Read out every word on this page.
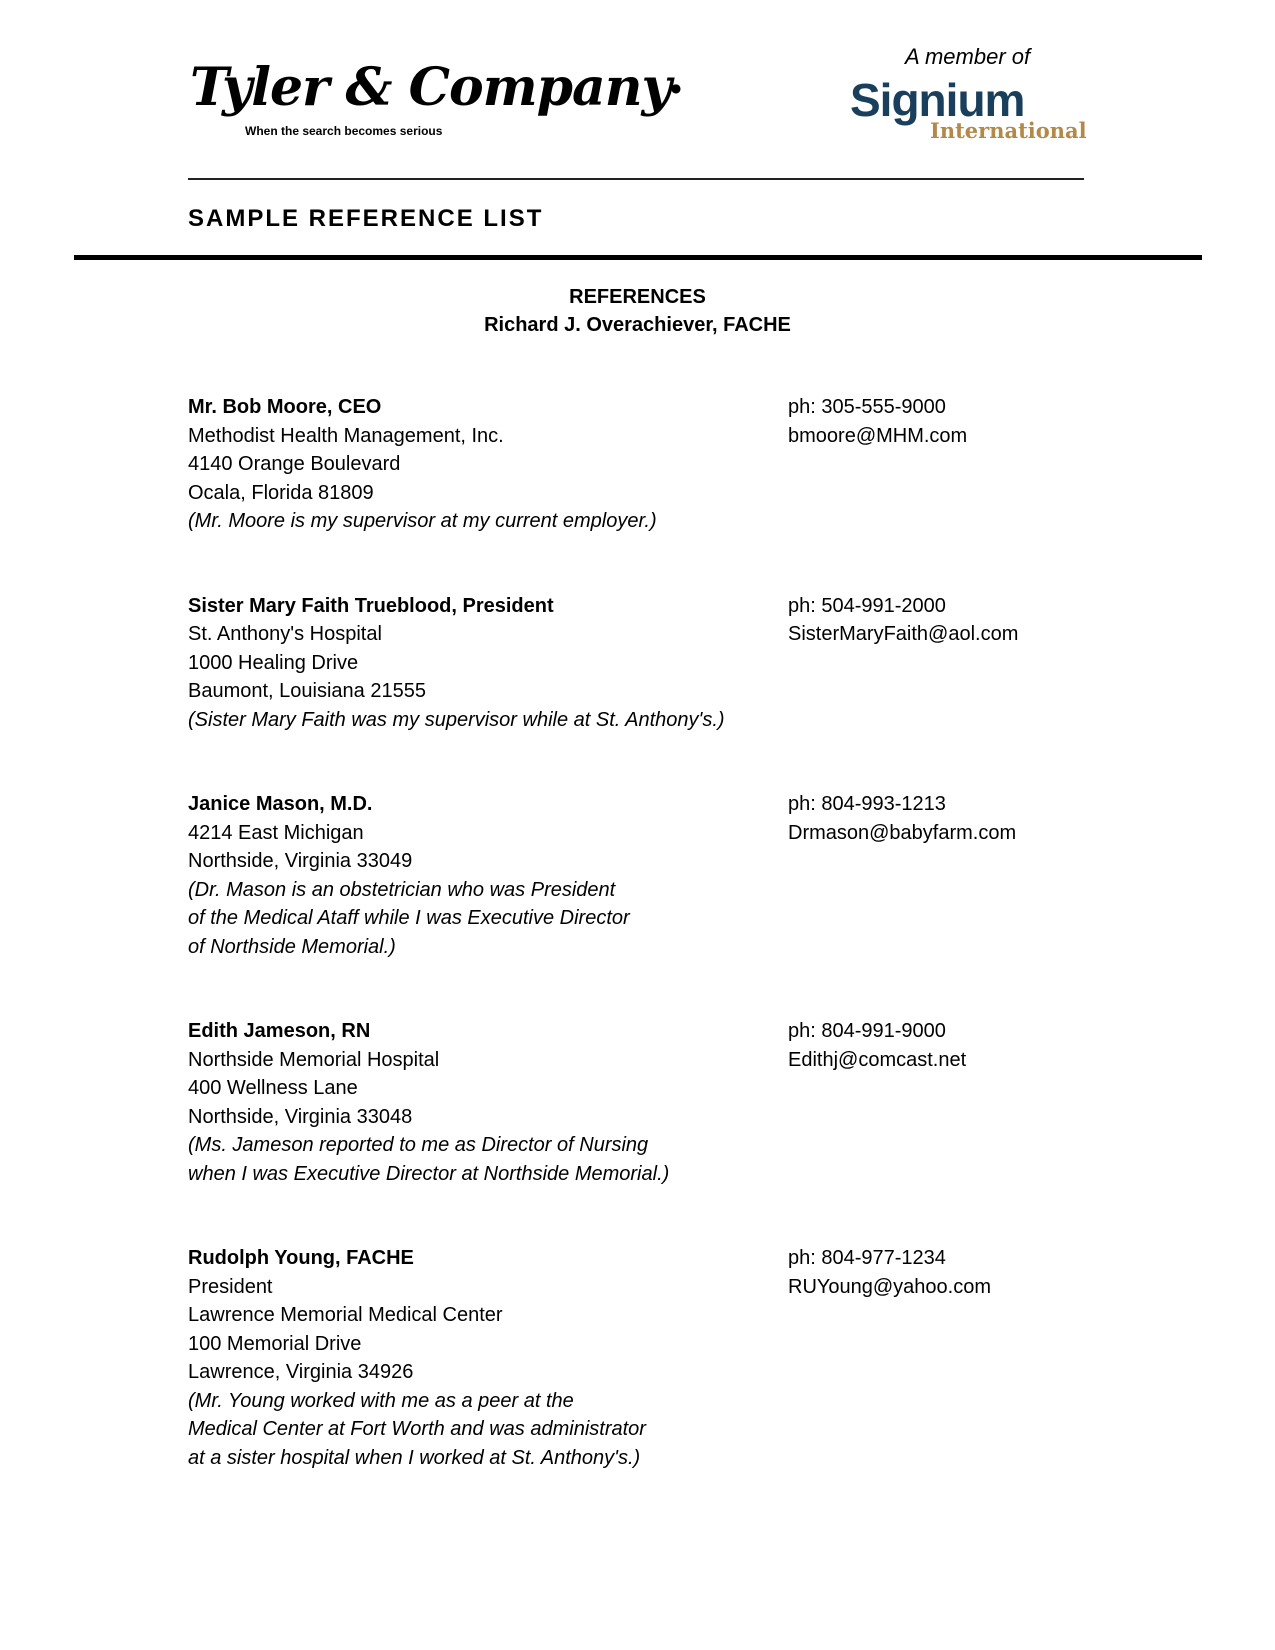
Tyler & Company●
When the search becomes serious
A member of
Signium
International
SAMPLE REFERENCE LIST
REFERENCES
Richard J. Overachiever, FACHE
Mr. Bob Moore, CEO
Methodist Health Management, Inc.
4140 Orange Boulevard
Ocala, Florida 81809
(Mr. Moore is my supervisor at my current employer.)
ph: 305-555-9000
bmoore@MHM.com
Sister Mary Faith Trueblood, President
St. Anthony's Hospital
1000 Healing Drive
Baumont, Louisiana 21555
(Sister Mary Faith was my supervisor while at St. Anthony's.)
ph: 504-991-2000
SisterMaryFaith@aol.com
Janice Mason, M.D.
4214 East Michigan
Northside, Virginia 33049
(Dr. Mason is an obstetrician who was President
of the Medical Ataff while I was Executive Director
of Northside Memorial.)
ph: 804-993-1213
Drmason@babyfarm.com
Edith Jameson, RN
Northside Memorial Hospital
400 Wellness Lane
Northside, Virginia 33048
(Ms. Jameson reported to me as Director of Nursing
when I was Executive Director at Northside Memorial.)
ph: 804-991-9000
Edithj@comcast.net
Rudolph Young, FACHE
President
Lawrence Memorial Medical Center
100 Memorial Drive
Lawrence, Virginia 34926
(Mr. Young worked with me as a peer at the
Medical Center at Fort Worth and was administrator
at a sister hospital when I worked at St. Anthony's.)
ph: 804-977-1234
RUYoung@yahoo.com
